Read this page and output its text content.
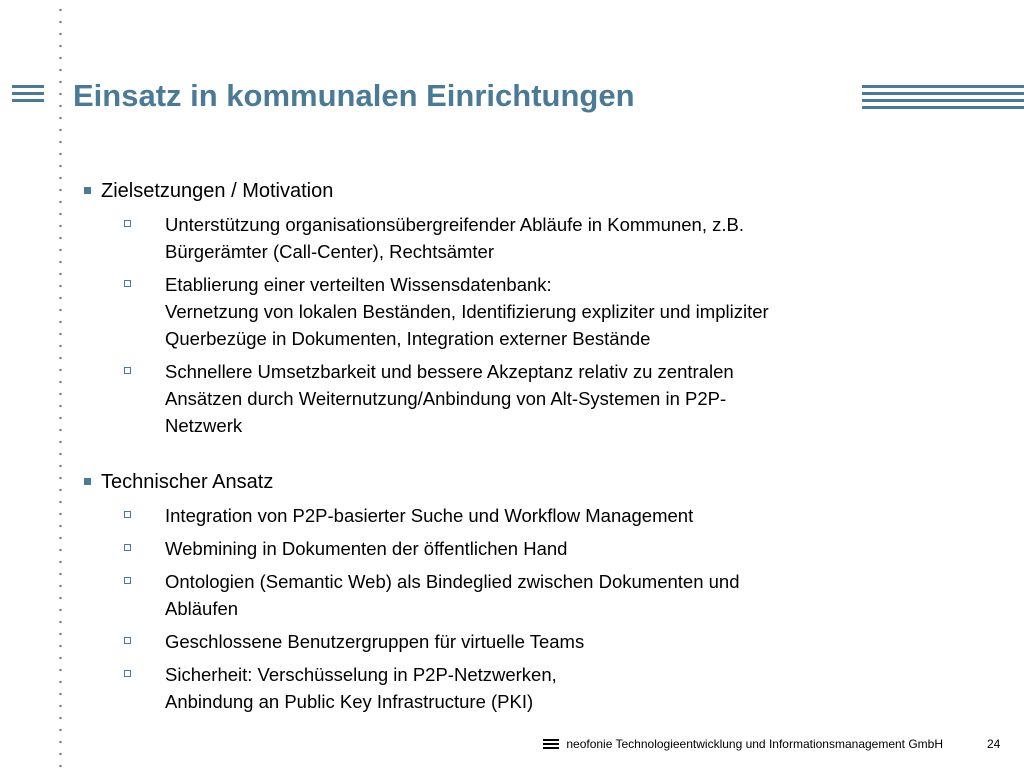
Einsatz in kommunalen Einrichtungen
Zielsetzungen / Motivation
Unterstützung organisationsübergreifender Abläufe in Kommunen, z.B.
Bürgerämter (Call-Center), Rechtsämter
Etablierung einer verteilten Wissensdatenbank:
Vernetzung von lokalen Beständen, Identifizierung expliziter und impliziter
Querbezüge in Dokumenten, Integration externer Bestände
Schnellere Umsetzbarkeit und bessere Akzeptanz relativ zu zentralen
Ansätzen durch Weiternutzung/Anbindung von Alt-Systemen in P2P-
Netzwerk
Technischer Ansatz
Integration von P2P-basierter Suche und Workflow Management
Webmining in Dokumenten der öffentlichen Hand
Ontologien (Semantic Web) als Bindeglied zwischen Dokumenten und
Abläufen
Geschlossene Benutzergruppen für virtuelle Teams
Sicherheit: Verschüsselung in P2P-Netzwerken,
Anbindung an Public Key Infrastructure (PKI)
neofonie Technologieentwicklung und Informationsmanagement GmbH	24
